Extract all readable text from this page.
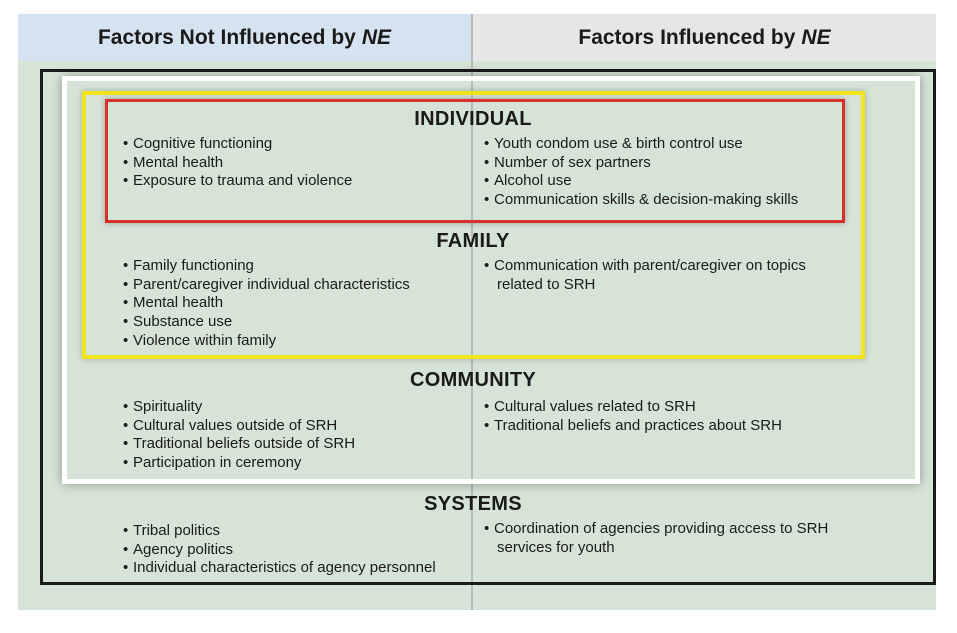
Factors Not Influenced by NE	Factors Influenced by NE
INDIVIDUAL
• Cognitive functioning
• Mental health
• Exposure to trauma and violence
• Youth condom use & birth control use
• Number of sex partners
• Alcohol use
• Communication skills & decision-making skills
FAMILY
• Family functioning
• Parent/caregiver individual characteristics
• Mental health
• Substance use
• Violence within family
• Communication with parent/caregiver on topics
related to SRH
COMMUNITY
• Spirituality
• Cultural values outside of SRH
• Traditional beliefs outside of SRH
• Participation in ceremony
• Cultural values related to SRH
• Traditional beliefs and practices about SRH
SYSTEMS
• Tribal politics
• Agency politics
• Individual characteristics of agency personnel
• Coordination of agencies providing access to SRH
services for youth
